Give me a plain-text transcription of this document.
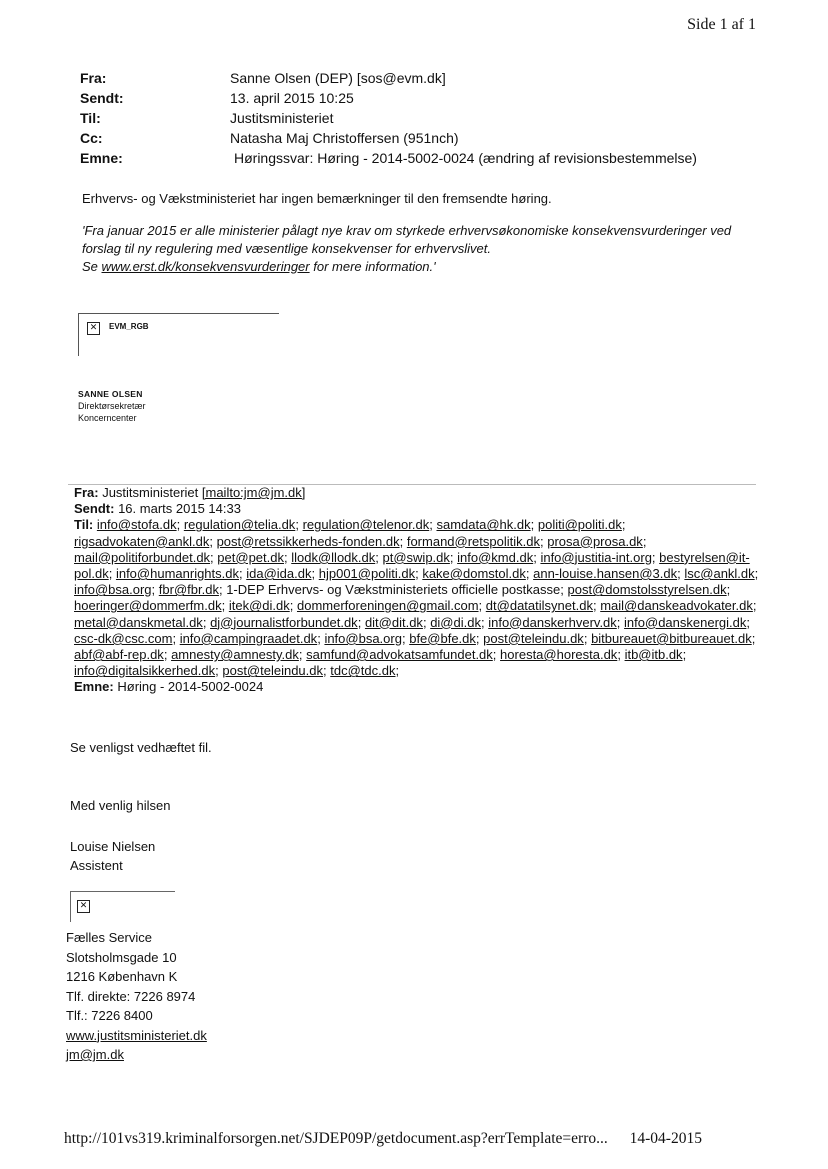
Side 1 af 1
Fra:	Sanne Olsen (DEP) [sos@evm.dk]
Sendt:	13. april 2015 10:25
Til:	Justitsministeriet
Cc:	Natasha Maj Christoffersen (951nch)
Emne:	Høringssvar: Høring - 2014-5002-0024 (ændring af revisionsbestemmelse)
Erhvervs- og Vækstministeriet har ingen bemærkninger til den fremsendte høring.
'Fra januar 2015 er alle ministerier pålagt nye krav om styrkede erhvervsøkonomiske konsekvensvurderinger ved forslag til ny regulering med væsentlige konsekvenser for erhvervslivet.
Se www.erst.dk/konsekvensvurderinger for mere information.'
✕	EVM_RGB
SANNE OLSEN
Direktørsekretær
Koncerncenter
Fra: Justitsministeriet [mailto:jm@jm.dk]
Sendt: 16. marts 2015 14:33
Til: info@stofa.dk; regulation@telia.dk; regulation@telenor.dk; samdata@hk.dk; politi@politi.dk; rigsadvokaten@ankl.dk; post@retssikkerheds-fonden.dk; formand@retspolitik.dk; prosa@prosa.dk; mail@politiforbundet.dk; pet@pet.dk; llodk@llodk.dk; pt@swip.dk; info@kmd.dk; info@justitia-int.org; bestyrelsen@it-pol.dk; info@humanrights.dk; ida@ida.dk; hjp001@politi.dk; kake@domstol.dk; ann-louise.hansen@3.dk; lsc@ankl.dk; info@bsa.org; fbr@fbr.dk; 1-DEP Erhvervs- og Vækstministeriets officielle postkasse; post@domstolsstyrelsen.dk; hoeringer@dommerfm.dk; itek@di.dk; dommerforeningen@gmail.com; dt@datatilsynet.dk; mail@danskeadvokater.dk; metal@danskmetal.dk; dj@journalistforbundet.dk; dit@dit.dk; di@di.dk; info@danskerhverv.dk; info@danskenergi.dk; csc-dk@csc.com; info@campingraadet.dk; info@bsa.org; bfe@bfe.dk; post@teleindu.dk; bitbureauet@bitbureauet.dk; abf@abf-rep.dk; amnesty@amnesty.dk; samfund@advokatsamfundet.dk; horesta@horesta.dk; itb@itb.dk; info@digitalsikkerhed.dk; post@teleindu.dk; tdc@tdc.dk;
Emne: Høring - 2014-5002-0024
Se venligst vedhæftet fil.
Med venlig hilsen
Louise Nielsen
Assistent
✕
Fælles Service
Slotsholmsgade 10
1216 København K
Tlf. direkte: 7226 8974
Tlf.: 7226 8400
www.justitsministeriet.dk
jm@jm.dk
http://101vs319.kriminalforsorgen.net/SJDEP09P/getdocument.asp?errTemplate=erro... 14-04-2015
